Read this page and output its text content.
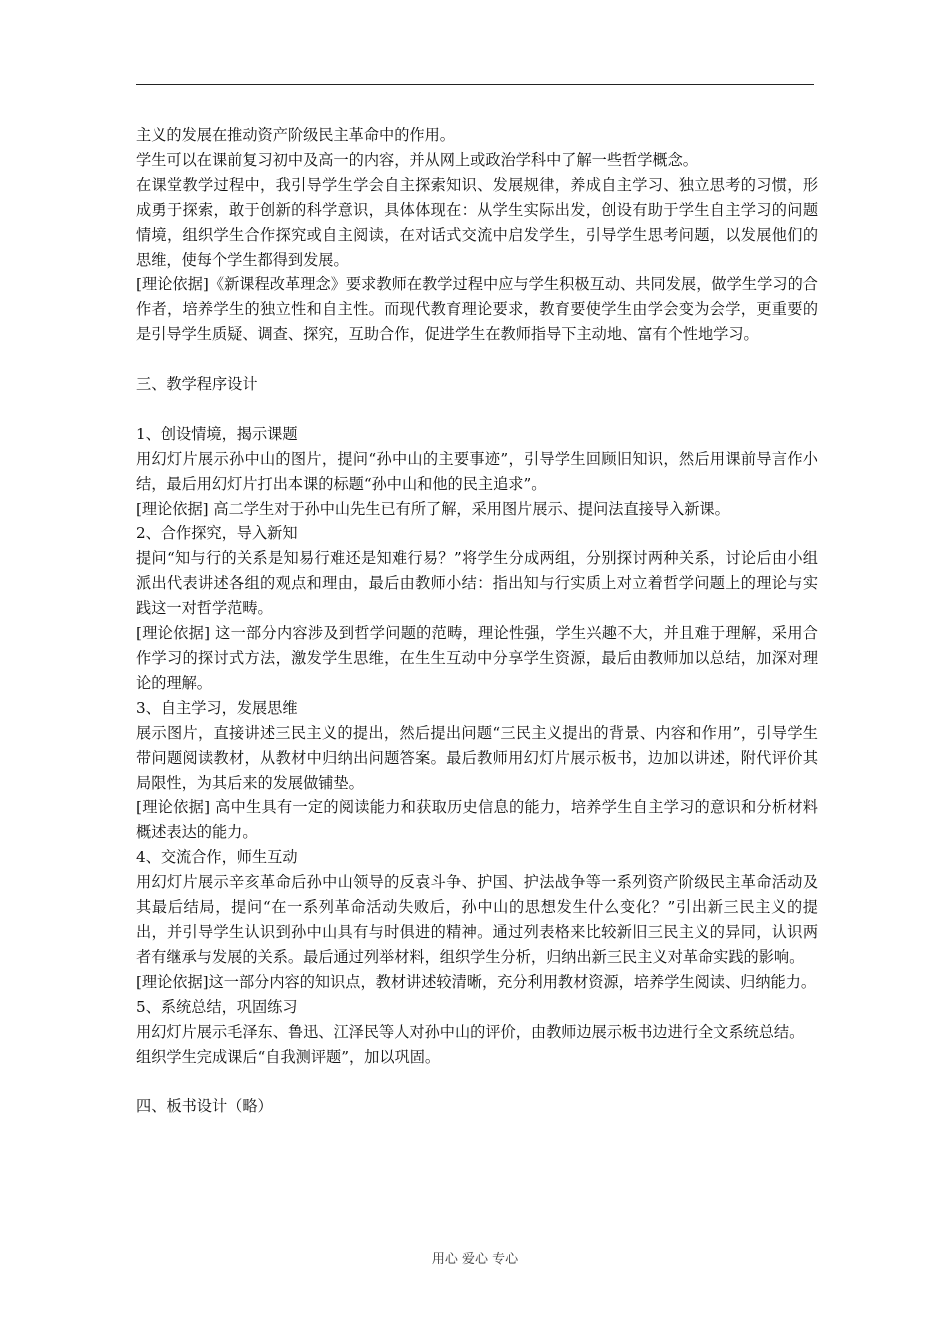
主义的发展在推动资产阶级民主革命中的作用。

学生可以在课前复习初中及高一的内容，并从网上或政治学科中了解一些哲学概念。

在课堂教学过程中，我引导学生学会自主探索知识、发展规律，养成自主学习、独立思考的习惯，形成勇于探索，敢于创新的科学意识，具体体现在：从学生实际出发，创设有助于学生自主学习的问题情境，组织学生合作探究或自主阅读，在对话式交流中启发学生，引导学生思考问题，以发展他们的思维，使每个学生都得到发展。

[理论依据]《新课程改革理念》要求教师在教学过程中应与学生积极互动、共同发展，做学生学习的合作者，培养学生的独立性和自主性。而现代教育理论要求，教育要使学生由学会变为会学，更重要的是引导学生质疑、调查、探究，互助合作，促进学生在教师指导下主动地、富有个性地学习。

三、教学程序设计

1、创设情境，揭示课题

用幻灯片展示孙中山的图片，提问“孙中山的主要事迹”，引导学生回顾旧知识，然后用课前导言作小结，最后用幻灯片打出本课的标题“孙中山和他的民主追求”。

[理论依据] 高二学生对于孙中山先生已有所了解，采用图片展示、提问法直接导入新课。

2、合作探究，导入新知

提问“知与行的关系是知易行难还是知难行易？”将学生分成两组，分别探讨两种关系，讨论后由小组派出代表讲述各组的观点和理由，最后由教师小结：指出知与行实质上对立着哲学问题上的理论与实践这一对哲学范畴。

[理论依据] 这一部分内容涉及到哲学问题的范畴，理论性强，学生兴趣不大，并且难于理解，采用合作学习的探讨式方法，激发学生思维，在生生互动中分享学生资源，最后由教师加以总结，加深对理论的理解。

3、自主学习，发展思维

展示图片，直接讲述三民主义的提出，然后提出问题“三民主义提出的背景、内容和作用”，引导学生带问题阅读教材，从教材中归纳出问题答案。最后教师用幻灯片展示板书，边加以讲述，附代评价其局限性，为其后来的发展做铺垫。

[理论依据] 高中生具有一定的阅读能力和获取历史信息的能力，培养学生自主学习的意识和分析材料概述表达的能力。

4、交流合作，师生互动

用幻灯片展示辛亥革命后孙中山领导的反袁斗争、护国、护法战争等一系列资产阶级民主革命活动及其最后结局，提问“在一系列革命活动失败后，孙中山的思想发生什么变化？”引出新三民主义的提出，并引导学生认识到孙中山具有与时俱进的精神。通过列表格来比较新旧三民主义的异同，认识两者有继承与发展的关系。最后通过列举材料，组织学生分析，归纳出新三民主义对革命实践的影响。

[理论依据]这一部分内容的知识点，教材讲述较清晰，充分利用教材资源，培养学生阅读、归纳能力。

5、系统总结，巩固练习

用幻灯片展示毛泽东、鲁迅、江泽民等人对孙中山的评价，由教师边展示板书边进行全文系统总结。

组织学生完成课后“自我测评题”，加以巩固。

四、板书设计（略）

用心 爱心 专心
